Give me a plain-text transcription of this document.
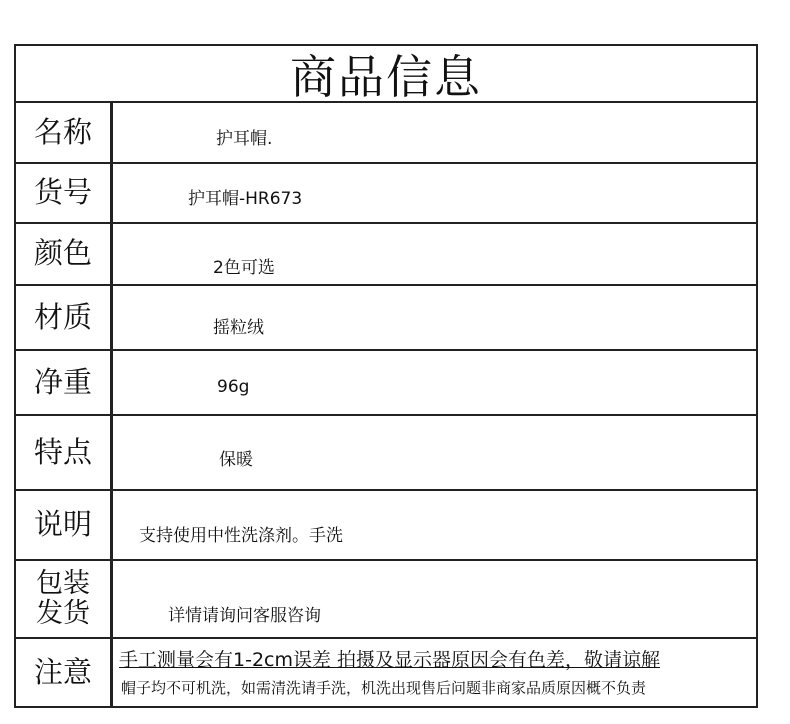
商品信息
名称	护耳帽.
货号	护耳帽-HR673
颜色	2色可选
材质	摇粒绒
净重	96g
特点	保暖
说明	支持使用中性洗涤剂。手洗
包装
发货	详情请询问客服咨询
注意	手工测量会有1-2cm误差 拍摄及显示器原因会有色差，敬请谅解
帽子均不可机洗，如需清洗请手洗，机洗出现售后问题非商家品质原因概不负责
